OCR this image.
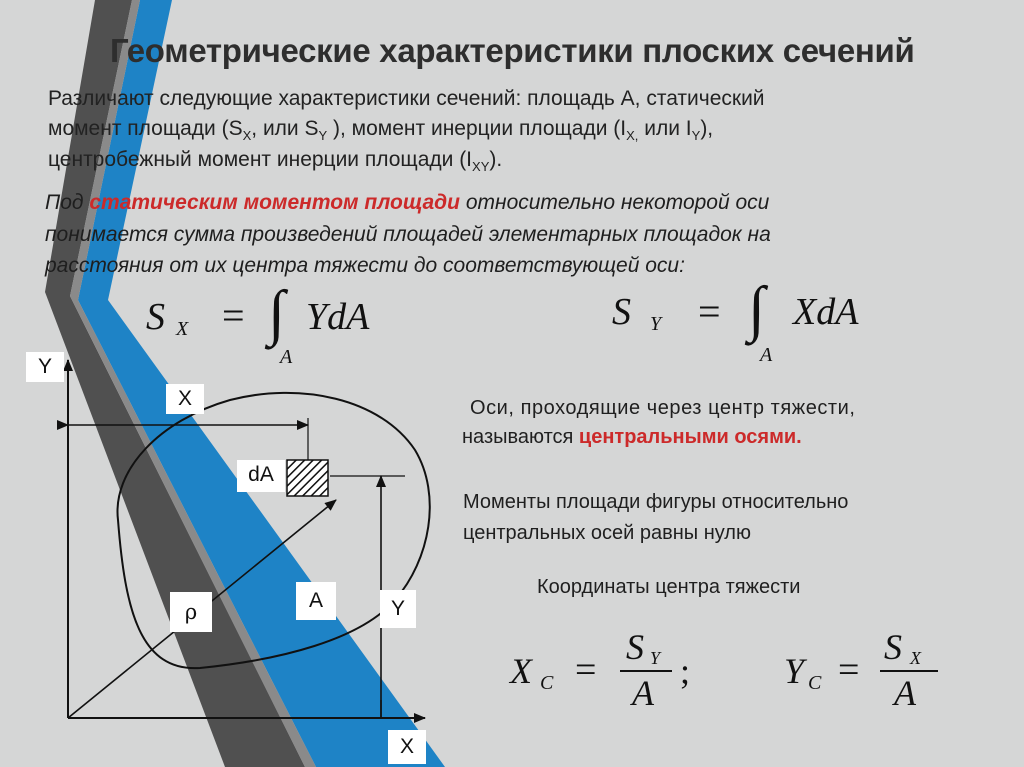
Геометрические характеристики плоских сечений
Различают следующие характеристики сечений: площадь А, статический
момент площади ($S_X$, или $S_Y$ ), момент инерции площади ($I_{X,}$ или $I_Y$),
центробежный момент инерции площади $(I_{XY})$.
Под статическим моментом площади относительно некоторой оси
понимается сумма произведений площадей элементарных площадок на
расстояния от их центра тяжести до соответствующей оси:
S X = ∫ YdA
A
S Y = ∫ XdA
A
Y
X
dA
ρ	A	Y
X
Оси, проходящие через центр тяжести,
называются центральными осями.
Моменты площади фигуры относительно
центральных осей равны нулю
Координаты центра тяжести
X C =
S Y
A
;	Y C =
S X
A
